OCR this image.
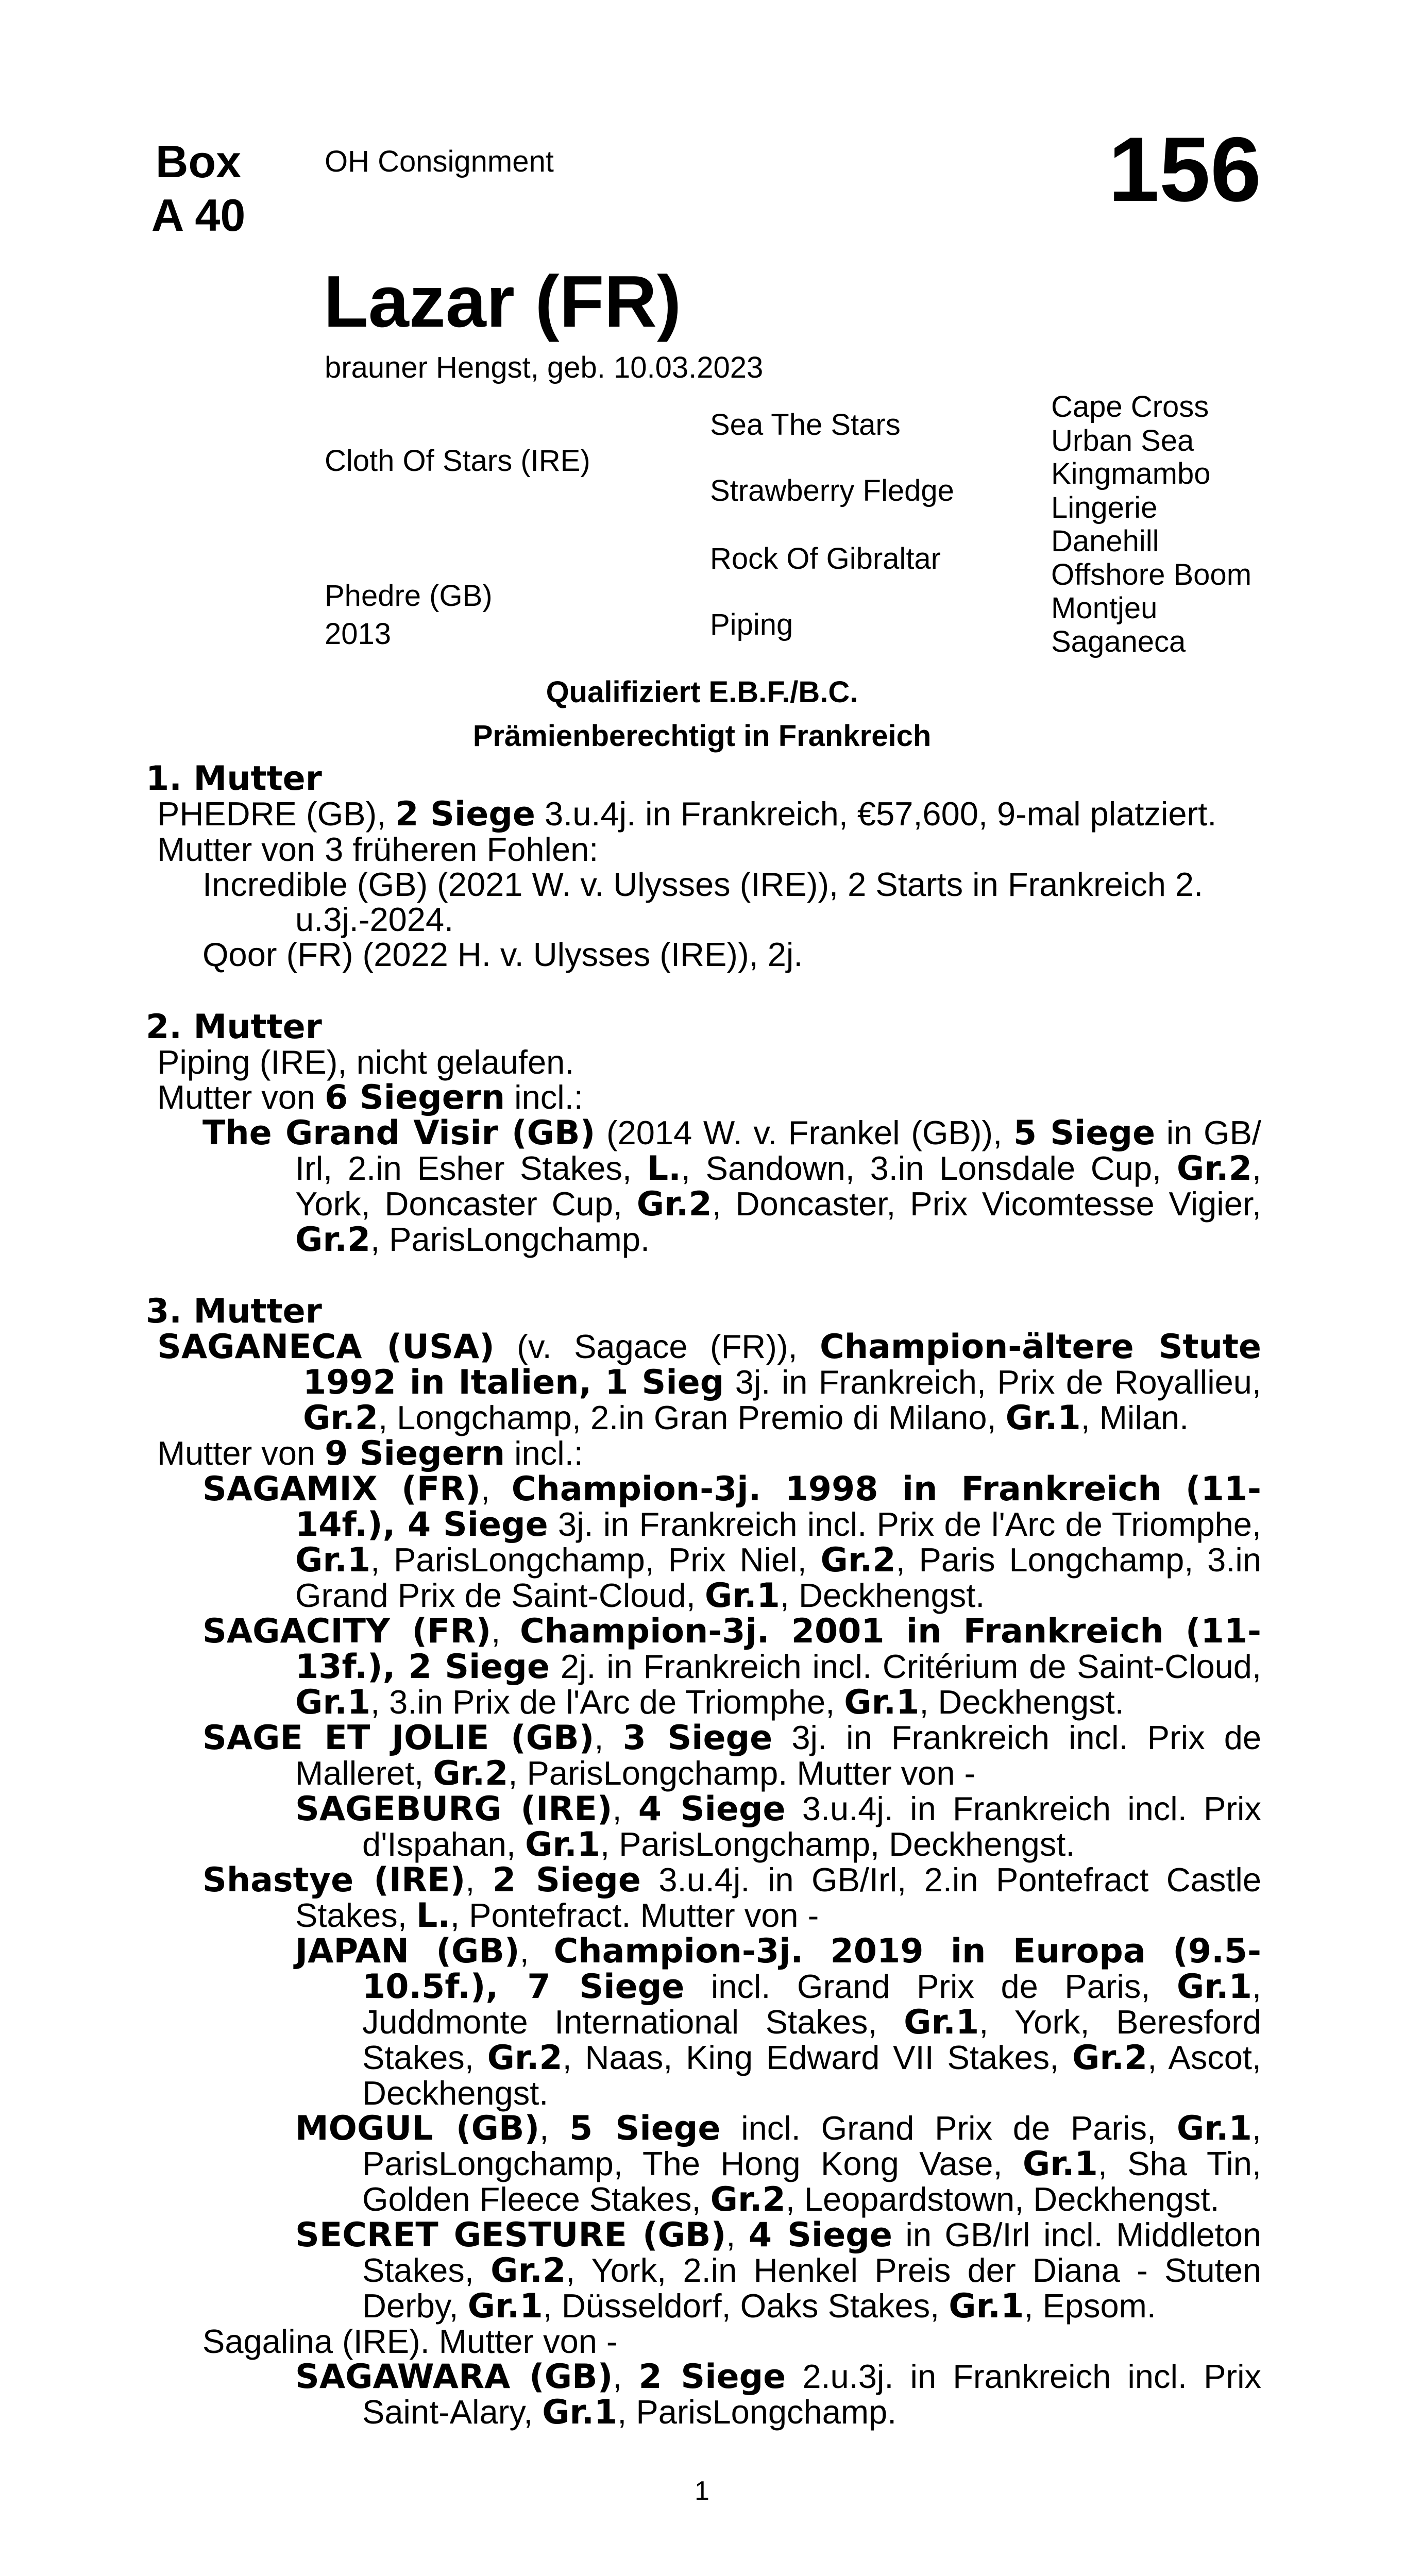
Box
A 40
OH Consignment	156
Lazar (FR)
brauner Hengst, geb. 10.03.2023
Cloth Of Stars (IRE)
Phedre (GB)
2013
Sea The Stars
Strawberry Fledge
Rock Of Gibraltar
Piping
Cape Cross
Urban Sea
Kingmambo
Lingerie
Danehill
Offshore Boom
Montjeu
Saganeca
Qualifiziert E.B.F./B.C.
Prämienberechtigt in Frankreich
1. Mutter
PHEDRE (GB), 2 Siege 3.u.4j. in Frankreich, €57,600, 9-mal platziert.
Mutter von 3 früheren Fohlen:
Incredible (GB) (2021 W. v. Ulysses (IRE)), 2 Starts in Frankreich 2.
u.3j.-2024.
Qoor (FR) (2022 H. v. Ulysses (IRE)), 2j.
2. Mutter
Piping (IRE), nicht gelaufen.
Mutter von 6 Siegern incl.:
The Grand Visir (GB) (2014 W. v. Frankel (GB)), 5 Siege in GB/ Irl, 2.in Esher Stakes, L., Sandown, 3.in Lonsdale Cup, Gr.2, York, Doncaster Cup, Gr.2, Doncaster, Prix Vicomtesse Vigier, Gr.2, ParisLongchamp.
3. Mutter
SAGANECA (USA) (v. Sagace (FR)), Champion-ältere Stute 1992 in Italien, 1 Sieg 3j. in Frankreich, Prix de Royallieu, Gr.2, Longchamp, 2.in Gran Premio di Milano, Gr.1, Milan.
Mutter von 9 Siegern incl.:
SAGAMIX (FR), Champion-3j. 1998 in Frankreich (11-14f.), 4 Siege 3j. in Frankreich incl. Prix de l'Arc de Triomphe, Gr.1, ParisLongchamp, Prix Niel, Gr.2, Paris Longchamp, 3.in Grand Prix de Saint-Cloud, Gr.1, Deckhengst.
SAGACITY (FR), Champion-3j. 2001 in Frankreich (11-13f.), 2 Siege 2j. in Frankreich incl. Critérium de Saint-Cloud, Gr.1, 3.in Prix de l'Arc de Triomphe, Gr.1, Deckhengst.
SAGE ET JOLIE (GB), 3 Siege 3j. in Frankreich incl. Prix de Malleret, Gr.2, ParisLongchamp. Mutter von -
SAGEBURG (IRE), 4 Siege 3.u.4j. in Frankreich incl. Prix d'Ispahan, Gr.1, ParisLongchamp, Deckhengst.
Shastye (IRE), 2 Siege 3.u.4j. in GB/Irl, 2.in Pontefract Castle Stakes, L., Pontefract. Mutter von -
JAPAN (GB), Champion-3j. 2019 in Europa (9.5-10.5f.), 7 Siege incl. Grand Prix de Paris, Gr.1, Juddmonte International Stakes, Gr.1, York, Beresford Stakes, Gr.2, Naas, King Edward VII Stakes, Gr.2, Ascot, Deckhengst.
MOGUL (GB), 5 Siege incl. Grand Prix de Paris, Gr.1, ParisLongchamp, The Hong Kong Vase, Gr.1, Sha Tin, Golden Fleece Stakes, Gr.2, Leopardstown, Deckhengst.
SECRET GESTURE (GB), 4 Siege in GB/Irl incl. Middleton Stakes, Gr.2, York, 2.in Henkel Preis der Diana - Stuten Derby, Gr.1, Düsseldorf, Oaks Stakes, Gr.1, Epsom.
Sagalina (IRE). Mutter von -
SAGAWARA (GB), 2 Siege 2.u.3j. in Frankreich incl. Prix Saint-Alary, Gr.1, ParisLongchamp.
1
